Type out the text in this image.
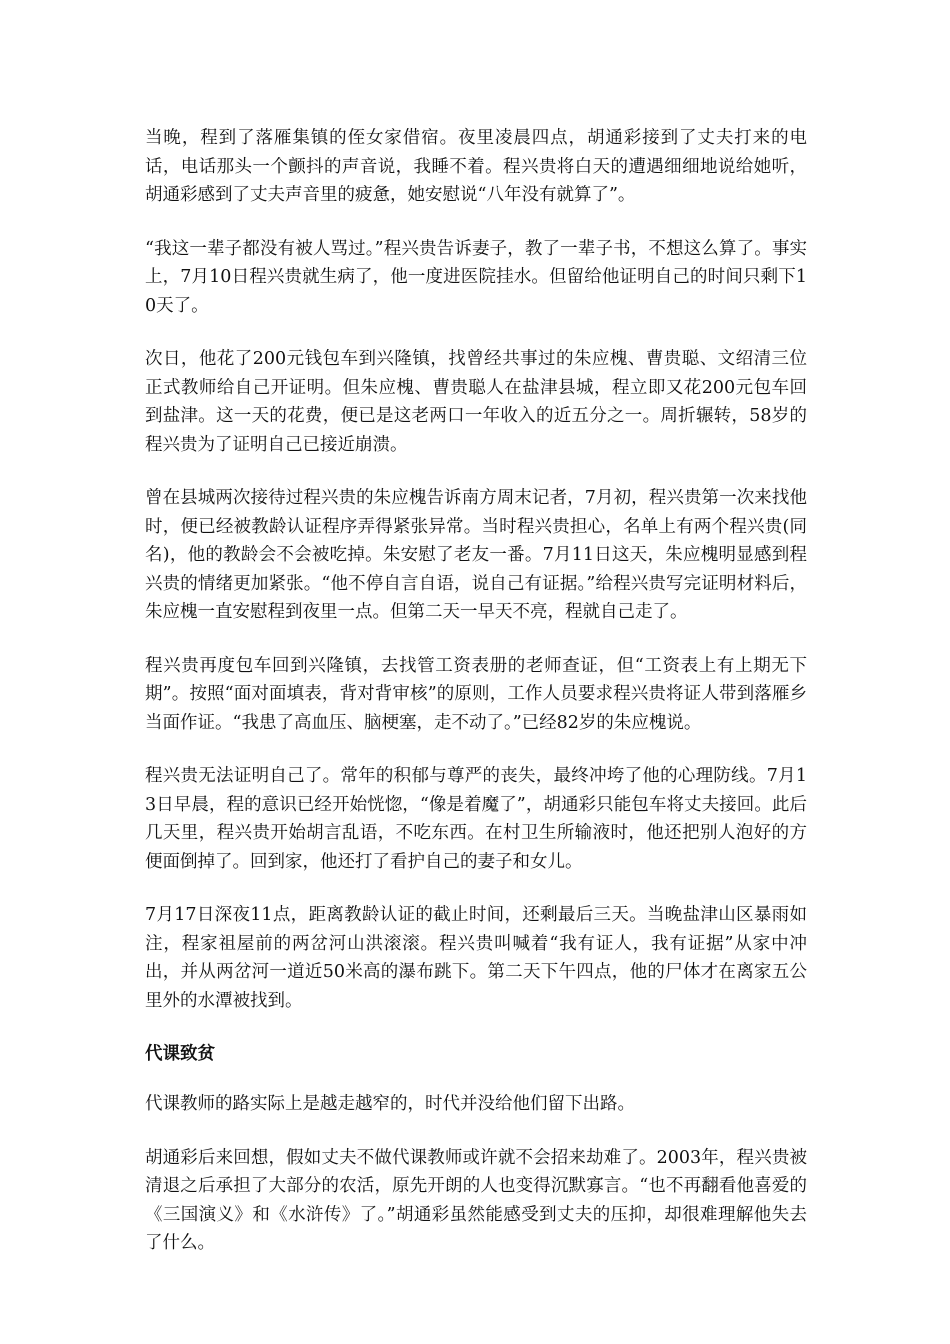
当晚，程到了落雁集镇的侄女家借宿。夜里凌晨四点，胡通彩接到了丈夫打来的电话，电话那头一个颤抖的声音说，我睡不着。程兴贵将白天的遭遇细细地说给她听，胡通彩感到了丈夫声音里的疲惫，她安慰说“八年没有就算了”。

“我这一辈子都没有被人骂过。”程兴贵告诉妻子，教了一辈子书，不想这么算了。事实上，7月10日程兴贵就生病了，他一度进医院挂水。但留给他证明自己的时间只剩下10天了。

次日，他花了200元钱包车到兴隆镇，找曾经共事过的朱应槐、曹贵聪、文绍清三位正式教师给自己开证明。但朱应槐、曹贵聪人在盐津县城，程立即又花200元包车回到盐津。这一天的花费，便已是这老两口一年收入的近五分之一。周折辗转，58岁的程兴贵为了证明自己已接近崩溃。

曾在县城两次接待过程兴贵的朱应槐告诉南方周末记者，7月初，程兴贵第一次来找他时，便已经被教龄认证程序弄得紧张异常。当时程兴贵担心，名单上有两个程兴贵(同名)，他的教龄会不会被吃掉。朱安慰了老友一番。7月11日这天，朱应槐明显感到程兴贵的情绪更加紧张。“他不停自言自语，说自己有证据。”给程兴贵写完证明材料后，朱应槐一直安慰程到夜里一点。但第二天一早天不亮，程就自己走了。

程兴贵再度包车回到兴隆镇，去找管工资表册的老师查证，但“工资表上有上期无下期”。按照“面对面填表，背对背审核”的原则，工作人员要求程兴贵将证人带到落雁乡当面作证。“我患了高血压、脑梗塞，走不动了。”已经82岁的朱应槐说。

程兴贵无法证明自己了。常年的积郁与尊严的丧失，最终冲垮了他的心理防线。7月13日早晨，程的意识已经开始恍惚，“像是着魔了”，胡通彩只能包车将丈夫接回。此后几天里，程兴贵开始胡言乱语，不吃东西。在村卫生所输液时，他还把别人泡好的方便面倒掉了。回到家，他还打了看护自己的妻子和女儿。

7月17日深夜11点，距离教龄认证的截止时间，还剩最后三天。当晚盐津山区暴雨如注，程家祖屋前的两岔河山洪滚滚。程兴贵叫喊着“我有证人，我有证据”从家中冲出，并从两岔河一道近50米高的瀑布跳下。第二天下午四点，他的尸体才在离家五公里外的水潭被找到。

代课致贫

代课教师的路实际上是越走越窄的，时代并没给他们留下出路。

胡通彩后来回想，假如丈夫不做代课教师或许就不会招来劫难了。2003年，程兴贵被清退之后承担了大部分的农活，原先开朗的人也变得沉默寡言。“也不再翻看他喜爱的《三国演义》和《水浒传》了。”胡通彩虽然能感受到丈夫的压抑，却很难理解他失去了什么。
